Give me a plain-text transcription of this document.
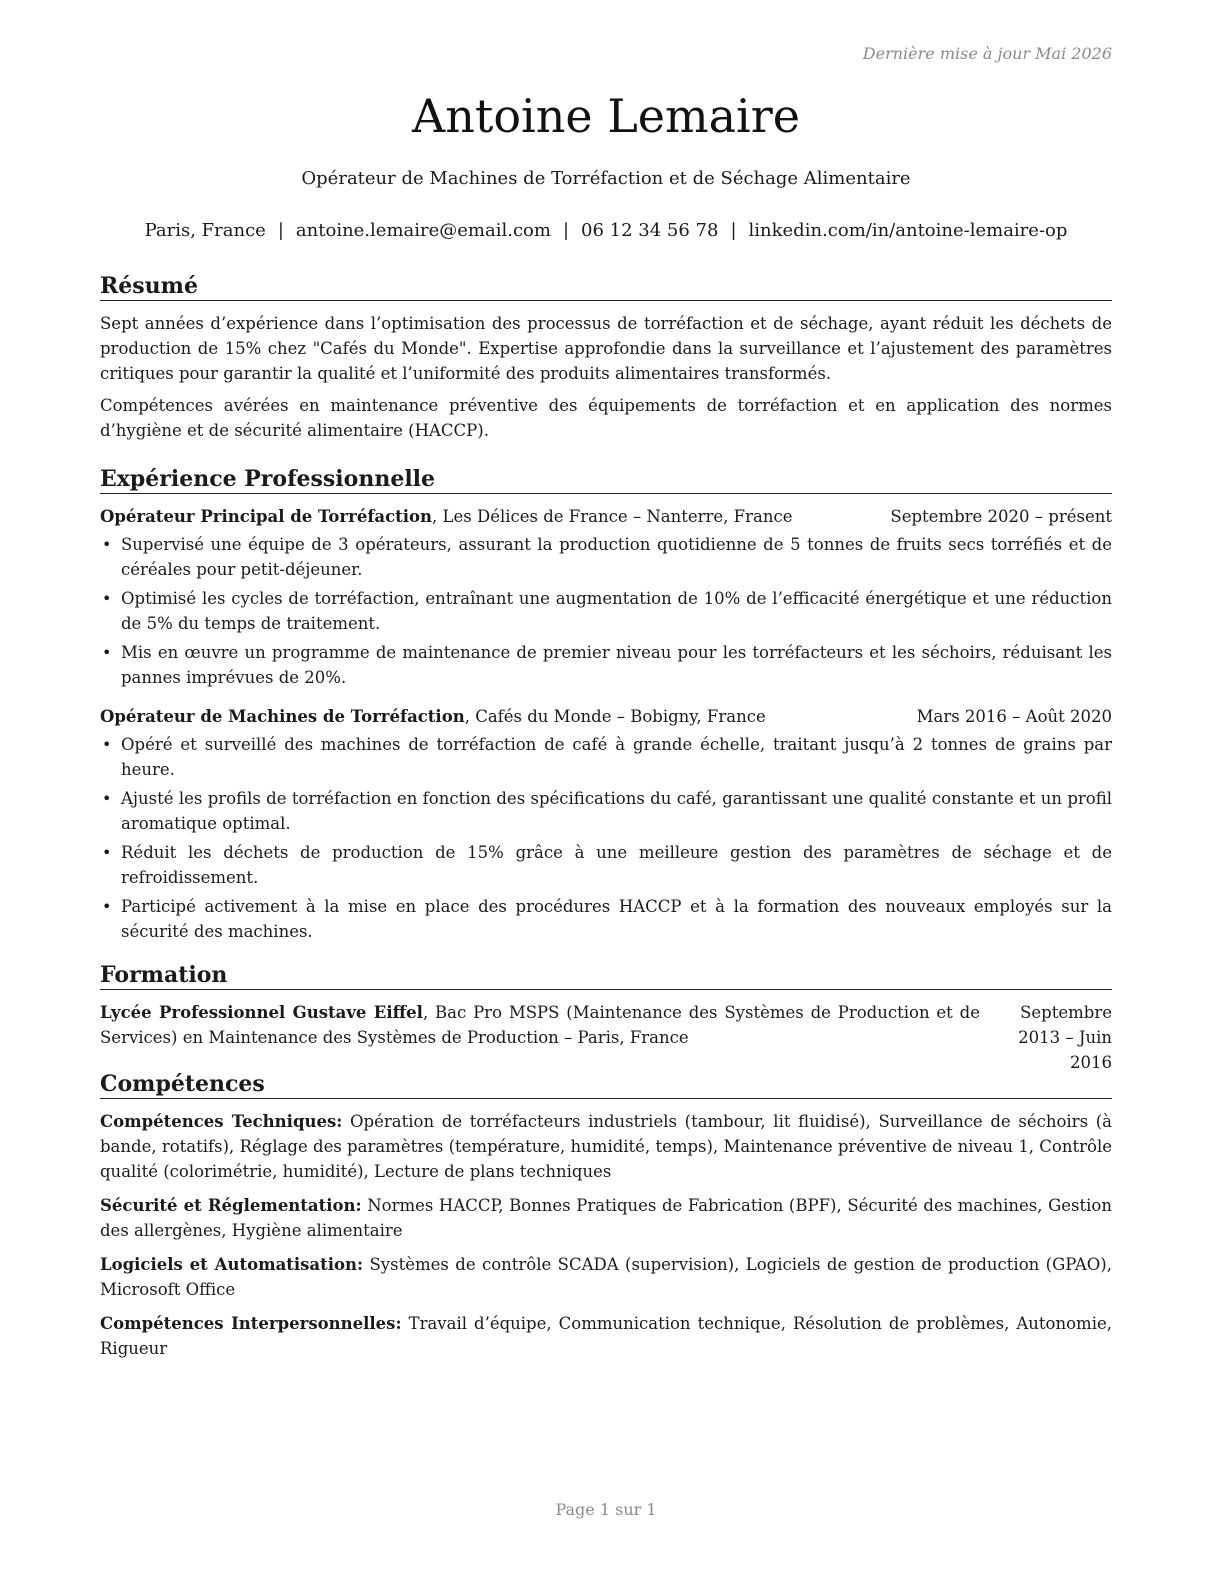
Dernière mise à jour Mai 2026
Antoine Lemaire
Opérateur de Machines de Torréfaction et de Séchage Alimentaire
Paris, France | antoine.lemaire@email.com | 06 12 34 56 78 | linkedin.com/in/antoine-lemaire-op
Résumé

Sept années d’expérience dans l’optimisation des processus de torréfaction et de séchage, ayant réduit les déchets de production de 15% chez "Cafés du Monde". Expertise approfondie dans la surveillance et l’ajustement des paramètres critiques pour garantir la qualité et l’uniformité des produits alimentaires transformés.

Compétences avérées en maintenance préventive des équipements de torréfaction et en application des normes d’hygiène et de sécurité alimentaire (HACCP).

Expérience Professionnelle
Opérateur Principal de Torréfaction, Les Délices de France – Nanterre, France	Septembre 2020 – présent
• Supervisé une équipe de 3 opérateurs, assurant la production quotidienne de 5 tonnes de fruits secs torréfiés et de céréales pour petit-déjeuner.
• Optimisé les cycles de torréfaction, entraînant une augmentation de 10% de l’efficacité énergétique et une réduction de 5% du temps de traitement.
• Mis en œuvre un programme de maintenance de premier niveau pour les torréfacteurs et les séchoirs, réduisant les pannes imprévues de 20%.
Opérateur de Machines de Torréfaction, Cafés du Monde – Bobigny, France	Mars 2016 – Août 2020
• Opéré et surveillé des machines de torréfaction de café à grande échelle, traitant jusqu’à 2 tonnes de grains par heure.
• Ajusté les profils de torréfaction en fonction des spécifications du café, garantissant une qualité constante et un profil aromatique optimal.
• Réduit les déchets de production de 15% grâce à une meilleure gestion des paramètres de séchage et de refroidissement.
• Participé activement à la mise en place des procédures HACCP et à la formation des nouveaux employés sur la sécurité des machines.
Formation
Lycée Professionnel Gustave Eiffel, Bac Pro MSPS (Maintenance des Systèmes de Production et de Services) en Maintenance des Systèmes de Production – Paris, France
Septembre 2013 – Juin 2016
Compétences

Compétences Techniques: Opération de torréfacteurs industriels (tambour, lit fluidisé), Surveillance de séchoirs (à bande, rotatifs), Réglage des paramètres (température, humidité, temps), Maintenance préventive de niveau 1, Contrôle qualité (colorimétrie, humidité), Lecture de plans techniques

Sécurité et Réglementation: Normes HACCP, Bonnes Pratiques de Fabrication (BPF), Sécurité des machines, Gestion des allergènes, Hygiène alimentaire

Logiciels et Automatisation: Systèmes de contrôle SCADA (supervision), Logiciels de gestion de production (GPAO), Microsoft Office

Compétences Interpersonnelles: Travail d’équipe, Communication technique, Résolution de problèmes, Autonomie, Rigueur

Page 1 sur 1
